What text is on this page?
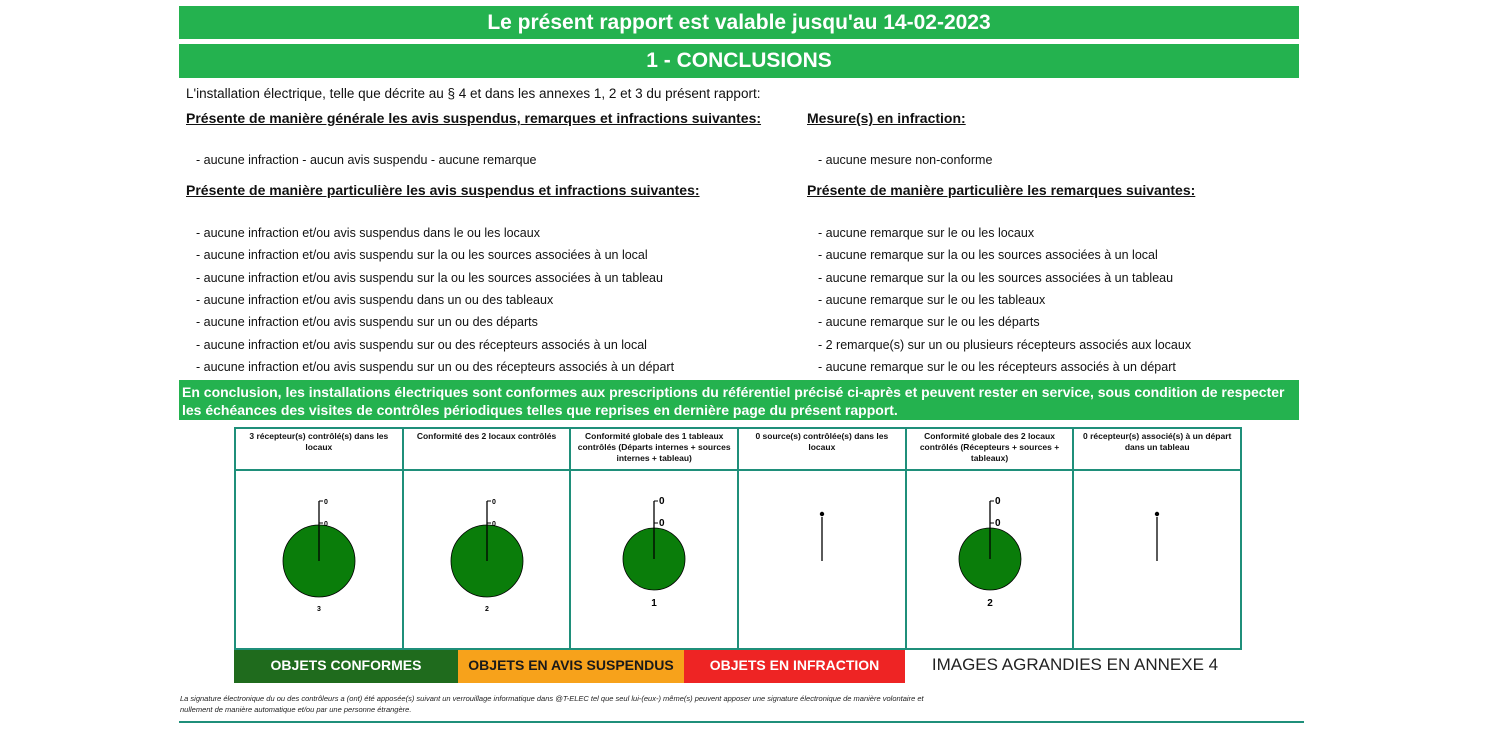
Le présent rapport est valable jusqu'au 14-02-2023
1 - CONCLUSIONS
L'installation électrique, telle que décrite au § 4 et dans les annexes 1, 2 et 3 du présent rapport:
Présente de manière générale les avis suspendus, remarques et infractions suivantes:
- aucune infraction - aucun avis suspendu - aucune remarque
Présente de manière particulière les avis suspendus et infractions suivantes:
- aucune infraction et/ou avis suspendus dans le ou les locaux
- aucune infraction et/ou avis suspendu sur la ou les sources associées à un local
- aucune infraction et/ou avis suspendu sur la ou les sources associées à un tableau
- aucune infraction et/ou avis suspendu dans un ou des tableaux
- aucune infraction et/ou avis suspendu sur un ou des départs
- aucune infraction et/ou avis suspendu sur ou des récepteurs associés à un local
- aucune infraction et/ou avis suspendu sur un ou des récepteurs associés à un départ
Mesure(s) en infraction:
- aucune mesure non-conforme
Présente de manière particulière les remarques suivantes:
- aucune remarque sur le ou les locaux
- aucune remarque sur la ou les sources associées à un local
- aucune remarque sur la ou les sources associées à un tableau
- aucune remarque sur le ou les tableaux
- aucune remarque sur le ou les départs
- 2 remarque(s) sur un ou plusieurs récepteurs associés aux locaux
- aucune remarque sur le ou les récepteurs associés à un départ
En conclusion, les installations électriques sont conformes aux prescriptions du référentiel précisé ci-après et peuvent rester en service, sous condition de respecter les échéances des visites de contrôles périodiques telles que reprises en dernière page du présent rapport.
3 récepteur(s) contrôlé(s) dans les locaux
0
0
3
Conformité des 2 locaux contrôlés
0
0
2
Conformité globale des 1 tableaux contrôlés (Départs internes + sources internes + tableau)
0
0
1
0 source(s) contrôlée(s) dans les locaux
Conformité globale des 2 locaux contrôlés (Récepteurs + sources + tableaux)
0
0
2
0 récepteur(s) associé(s) à un départ dans un tableau
OBJETS CONFORMES	OBJETS EN AVIS SUSPENDUS	OBJETS EN INFRACTION	IMAGES AGRANDIES EN ANNEXE 4
La signature électronique du ou des contrôleurs a (ont) été apposée(s) suivant un verrouillage informatique dans @T-ELEC tel que seul lui-(eux-) même(s) peuvent apposer une signature électronique de manière volontaire et nullement de manière automatique et/ou par une personne étrangère.
